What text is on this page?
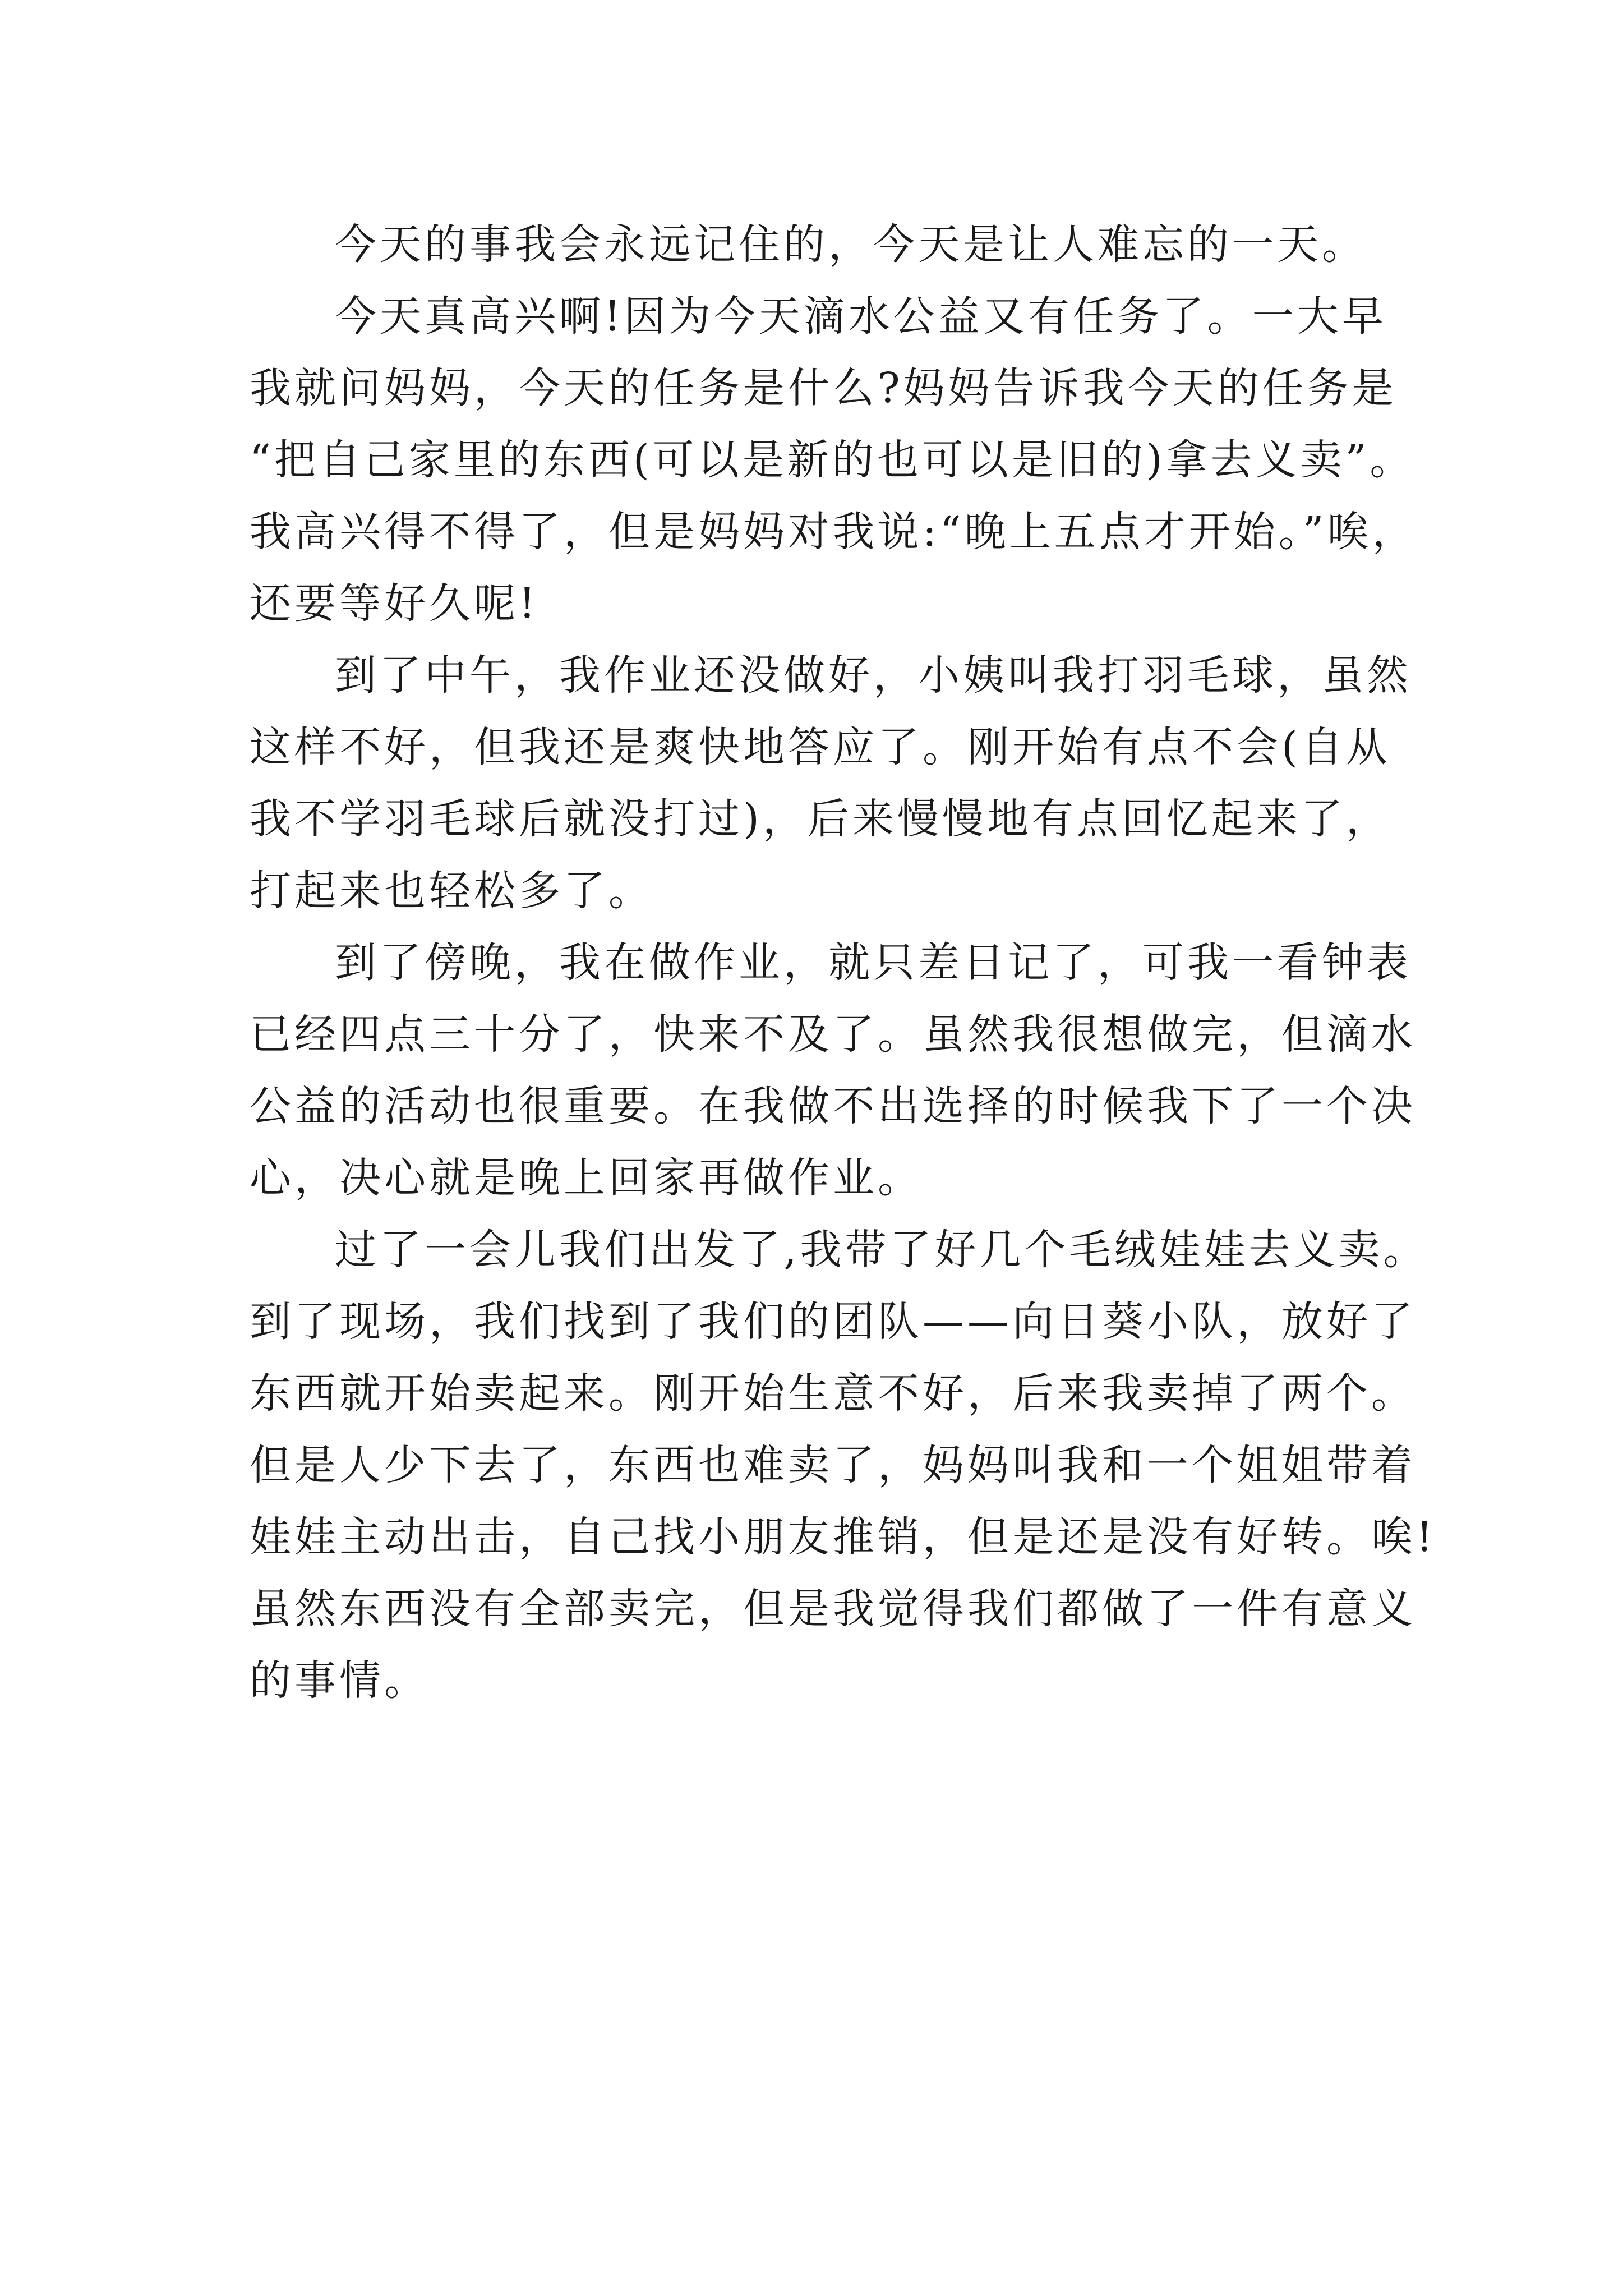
今天的事我会永远记住的，今天是让人难忘的一天。
今天真高兴啊!因为今天滴水公益又有任务了。一大早
我就问妈妈，今天的任务是什么?妈妈告诉我今天的任务是
“把自己家里的东西(可以是新的也可以是旧的)拿去义卖”。
我高兴得不得了，但是妈妈对我说:“晚上五点才开始。”唉，
还要等好久呢!
到了中午，我作业还没做好，小姨叫我打羽毛球，虽然
这样不好，但我还是爽快地答应了。刚开始有点不会(自从
我不学羽毛球后就没打过)，后来慢慢地有点回忆起来了，
打起来也轻松多了。
到了傍晚，我在做作业，就只差日记了，可我一看钟表
已经四点三十分了，快来不及了。虽然我很想做完，但滴水
公益的活动也很重要。在我做不出选择的时候我下了一个决
心，决心就是晚上回家再做作业。
过了一会儿我们出发了,我带了好几个毛绒娃娃去义卖。
到了现场，我们找到了我们的团队——向日葵小队，放好了
东西就开始卖起来。刚开始生意不好，后来我卖掉了两个。
但是人少下去了，东西也难卖了，妈妈叫我和一个姐姐带着
娃娃主动出击，自己找小朋友推销，但是还是没有好转。唉!
虽然东西没有全部卖完，但是我觉得我们都做了一件有意义
的事情。
